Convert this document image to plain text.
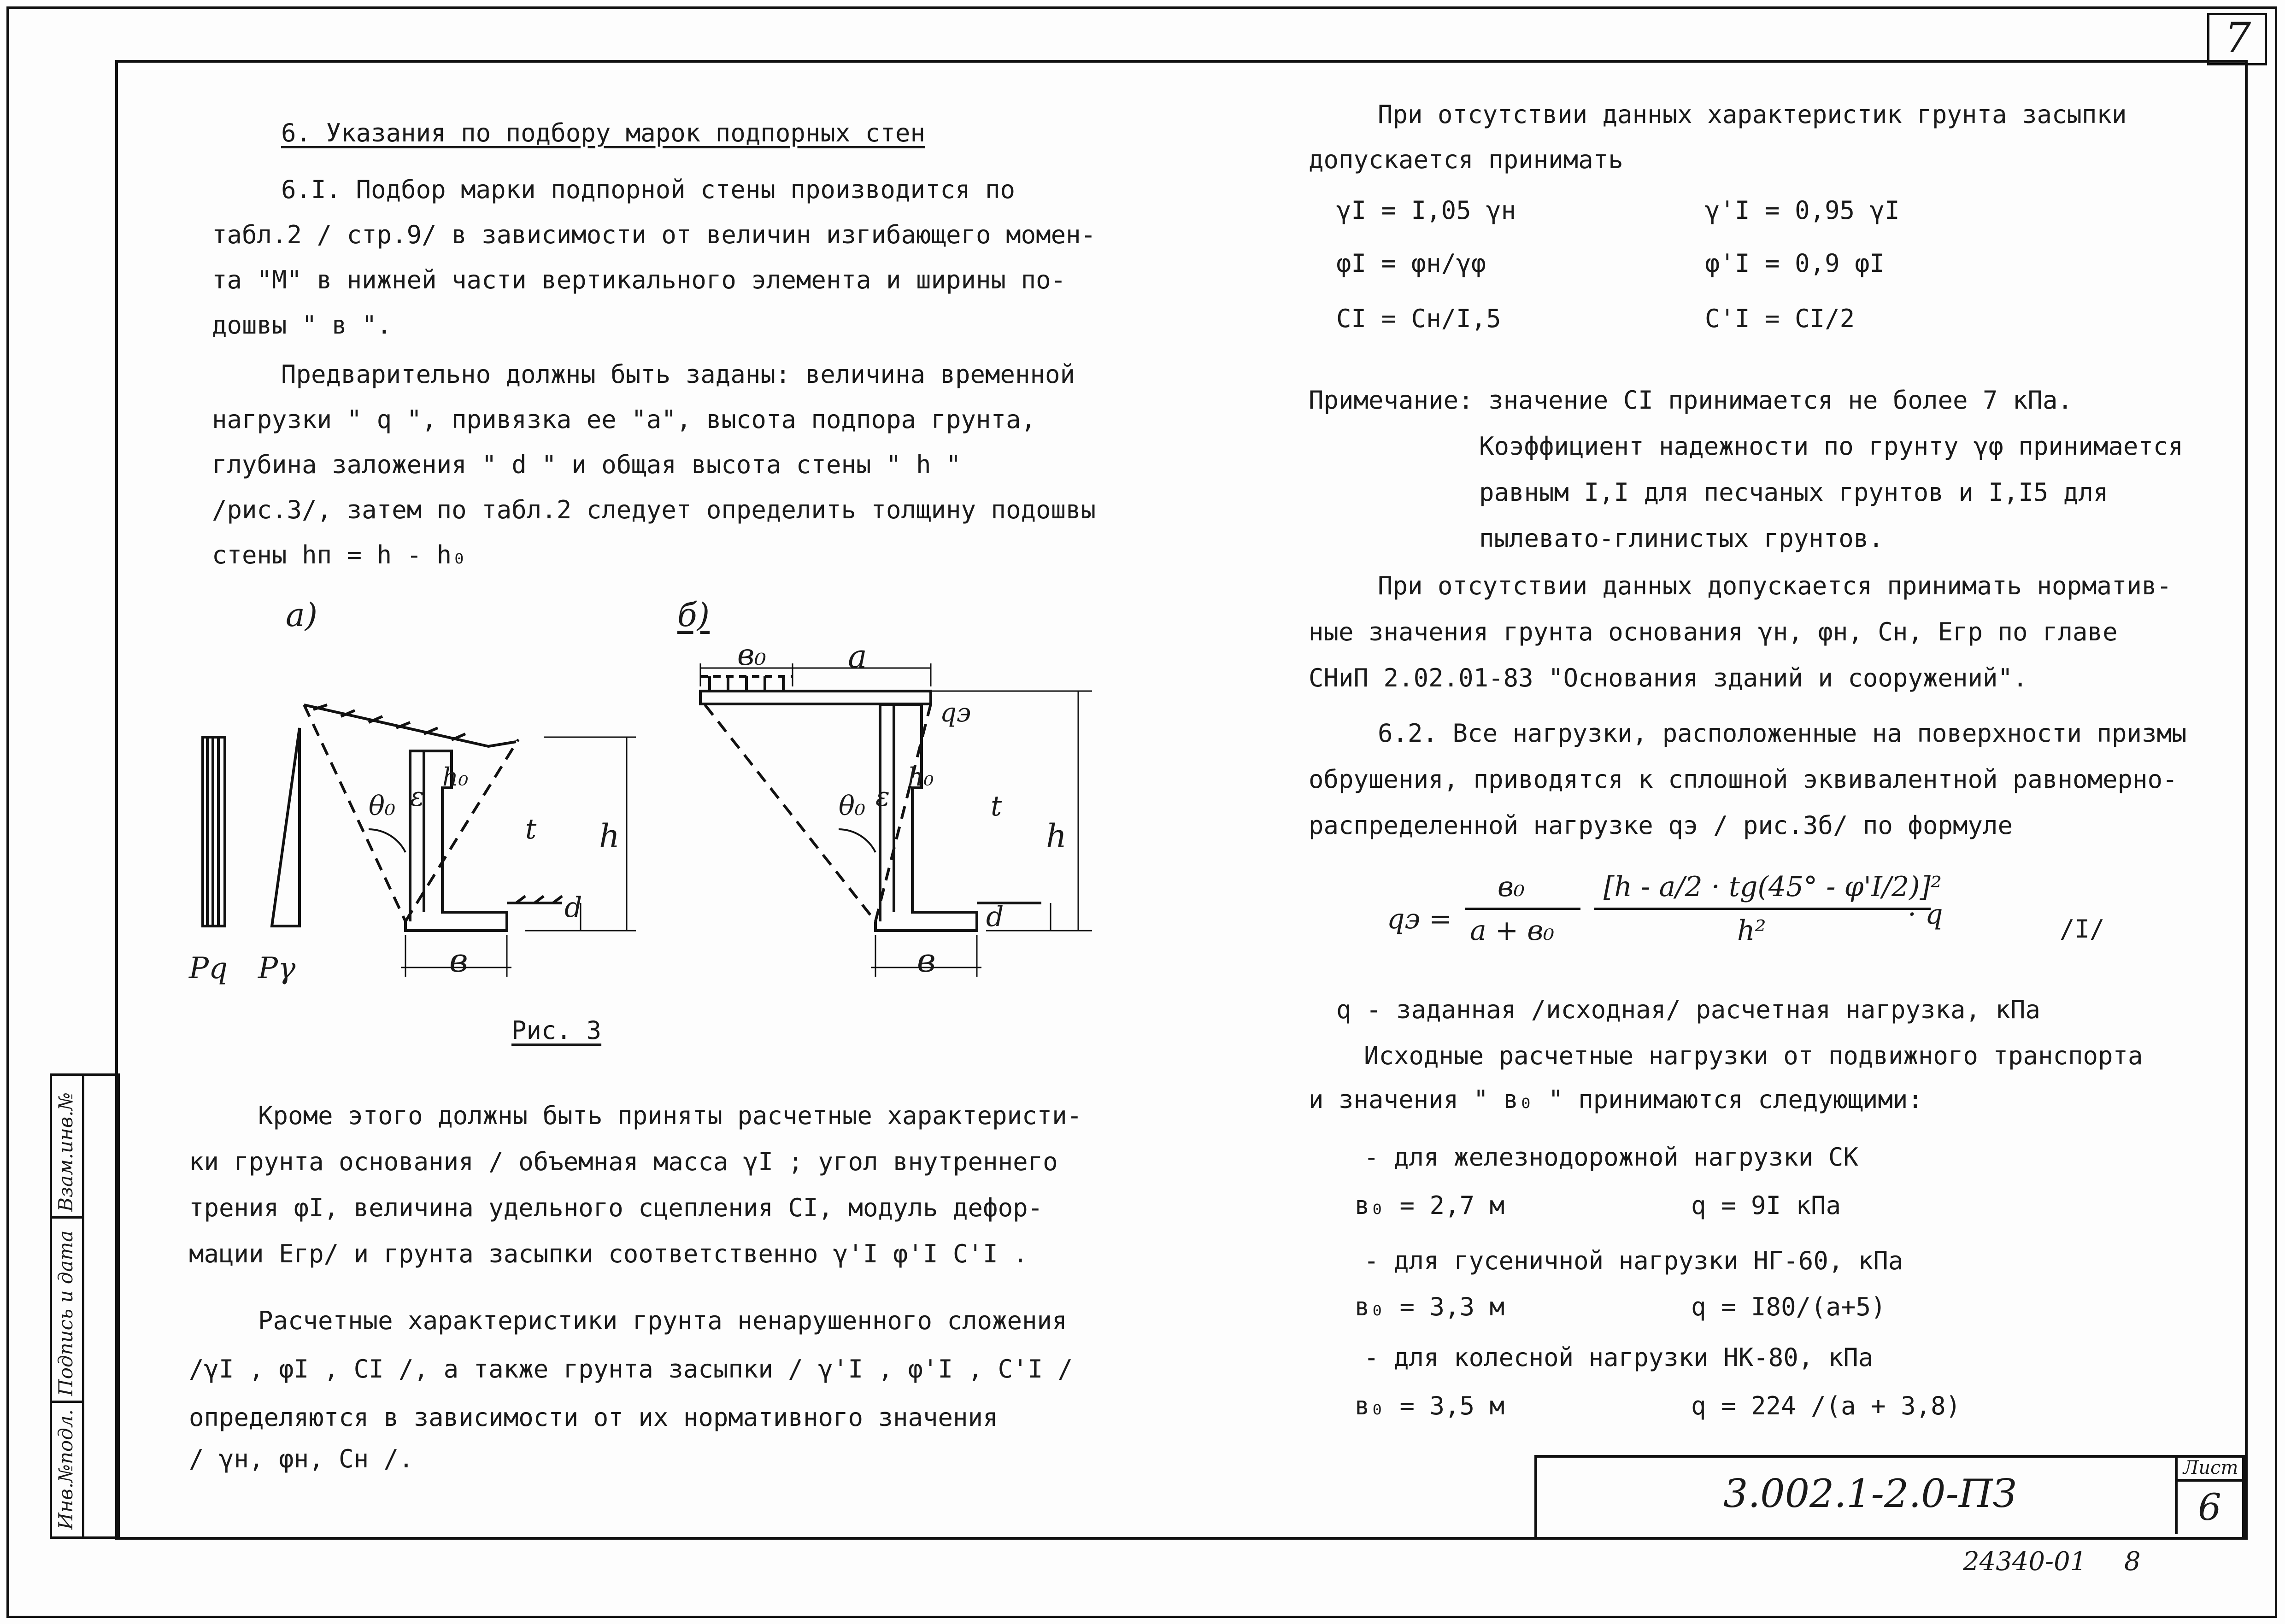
7
Инв.№подл.
Подпись и дата
Взам.инв.№
3.002.1-2.0-ПЗ
Лист
6
24340-01 8
6. Указания по подбору марок подпорных стен
6.I. Подбор марки подпорной стены производится по
табл.2 / стр.9/ в зависимости от величин изгибающего момен-
та "М" в нижней части вертикального элемента и ширины по-
дошвы " в ".
Предварительно должны быть заданы: величина временной
нагрузки " q ", привязка ее "а", высота подпора грунта,
глубина заложения " d " и общая высота стены " h "
/рис.3/, затем по табл.2 следует определить толщину подошвы
стены hп = h - h₀
а)	б)
Pq Pγ
θ₀ ε
h₀
t h
d
в
в₀	а
qэ
θ₀ ε
h₀
t
h
d
в
Рис. 3
Кроме этого должны быть приняты расчетные характеристи-
ки грунта основания / объемная масса γI ; угол внутреннего
трения φI, величина удельного сцепления CI, модуль дефор-
мации Егр/ и грунта засыпки соответственно γ'I φ'I C'I .
Расчетные характеристики грунта ненарушенного сложения
/γI , φI , CI /, а также грунта засыпки / γ'I , φ'I , C'I /
определяются в зависимости от их нормативного значения
/ γн, φн, Cн /.
При отсутствии данных характеристик грунта засыпки
допускается принимать
γI = I,05 γн	γ'I = 0,95 γI
φI = φн/γφ	φ'I = 0,9 φI
CI = Cн/I,5	C'I = CI/2
Примечание: значение CI принимается не более 7 кПа.
Коэффициент надежности по грунту γφ принимается
равным I,I для песчаных грунтов и I,I5 для
пылевато-глинистых грунтов.
При отсутствии данных допускается принимать норматив-
ные значения грунта основания γн, φн, Cн, Eгр по главе
СНиП 2.02.01-83 "Основания зданий и сооружений".
6.2. Все нагрузки, расположенные на поверхности призмы
обрушения, приводятся к сплошной эквивалентной равномерно-
распределенной нагрузке qэ / рис.3б/ по формуле
qэ =
в₀
а + в₀
[h - а/2 · tg(45° - φ'I/2)]²
h²	· q	/I/
q - заданная /исходная/ расчетная нагрузка, кПа
Исходные расчетные нагрузки от подвижного транспорта
и значения " в₀ " принимаются следующими:
- для железнодорожной нагрузки СК
в₀ = 2,7 м	q = 9I кПа
- для гусеничной нагрузки НГ-60, кПа
в₀ = 3,3 м	q = I80/(а+5)
- для колесной нагрузки НК-80, кПа
в₀ = 3,5 м	q = 224 /(а + 3,8)
